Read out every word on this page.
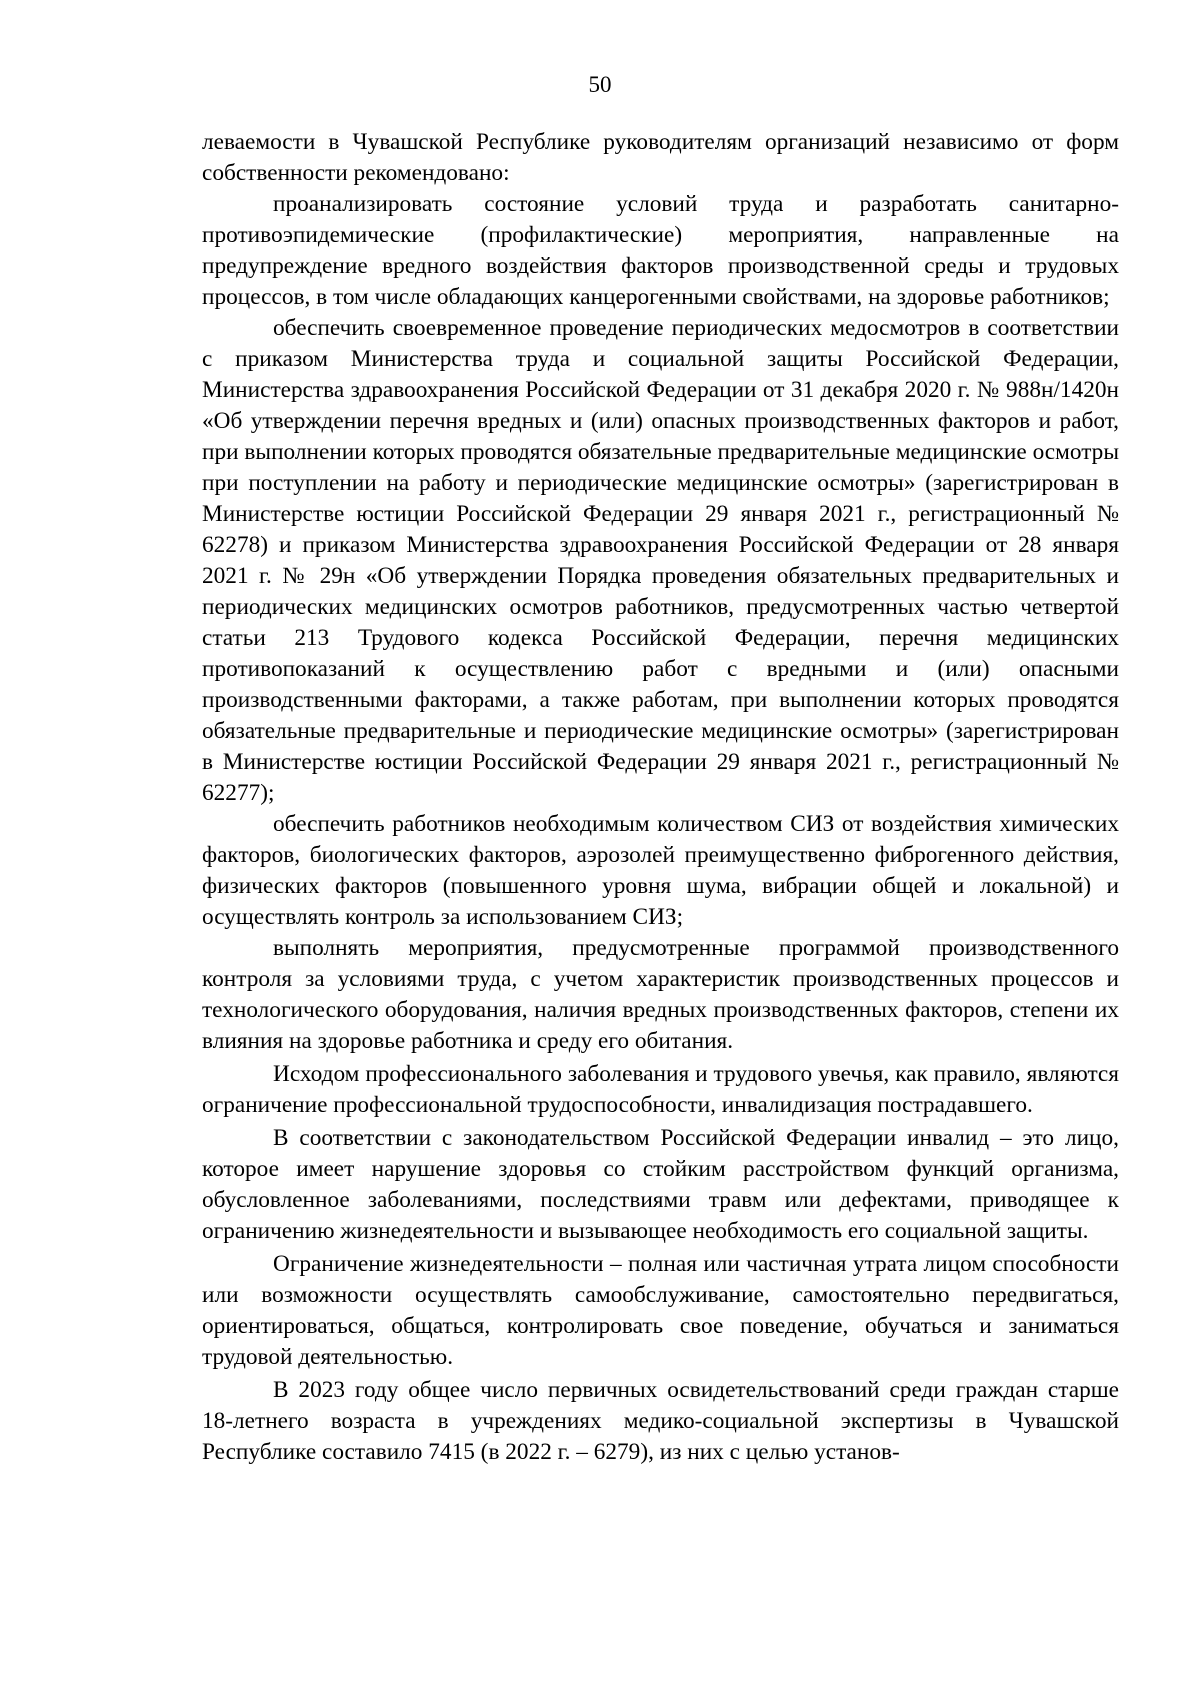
50

леваемости в Чувашской Республике руководителям организаций независимо от форм собственности рекомендовано:

проанализировать состояние условий труда и разработать санитарно-противоэпидемические (профилактические) мероприятия, направленные на предупреждение вредного воздействия факторов производственной среды и трудовых процессов, в том числе обладающих канцерогенными свойствами, на здоровье работников;

обеспечить своевременное проведение периодических медосмотров в соответствии с приказом Министерства труда и социальной защиты Российской Федерации, Министерства здравоохранения Российской Федерации от 31 декабря 2020 г. № 988н/1420н «Об утверждении перечня вредных и (или) опасных производственных факторов и работ, при выполнении которых проводятся обязательные предварительные медицинские осмотры при поступлении на работу и периодические медицинские осмотры» (зарегистрирован в Министерстве юстиции Российской Федерации 29 января 2021 г., регистрационный № 62278) и приказом Министерства здравоохранения Российской Федерации от 28 января 2021 г. № 29н «Об утверждении Порядка проведения обязательных предварительных и периодических медицинских осмотров работников, предусмотренных частью четвертой статьи 213 Трудового кодекса Российской Федерации, перечня медицинских противопоказаний к осуществлению работ с вредными и (или) опасными производственными факторами, а также работам, при выполнении которых проводятся обязательные предварительные и периодические медицинские осмотры» (зарегистрирован в Министерстве юстиции Российской Федерации 29 января 2021 г., регистрационный № 62277);

обеспечить работников необходимым количеством СИЗ от воздействия химических факторов, биологических факторов, аэрозолей преимущественно фиброгенного действия, физических факторов (повышенного уровня шума, вибрации общей и локальной) и осуществлять контроль за использованием СИЗ;

выполнять мероприятия, предусмотренные программой производственного контроля за условиями труда, с учетом характеристик производственных процессов и технологического оборудования, наличия вредных производственных факторов, степени их влияния на здоровье работника и среду его обитания.

Исходом профессионального заболевания и трудового увечья, как правило, являются ограничение профессиональной трудоспособности, инвалидизация пострадавшего.

В соответствии с законодательством Российской Федерации инвалид – это лицо, которое имеет нарушение здоровья со стойким расстройством функций организма, обусловленное заболеваниями, последствиями травм или дефектами, приводящее к ограничению жизнедеятельности и вызывающее необходимость его социальной защиты.

Ограничение жизнедеятельности – полная или частичная утрата лицом способности или возможности осуществлять самообслуживание, самостоятельно передвигаться, ориентироваться, общаться, контролировать свое поведение, обучаться и заниматься трудовой деятельностью.

В 2023 году общее число первичных освидетельствований среди граждан старше 18-летнего возраста в учреждениях медико-социальной экспертизы в Чувашской Республике составило 7415 (в 2022 г. – 6279), из них с целью установ-
